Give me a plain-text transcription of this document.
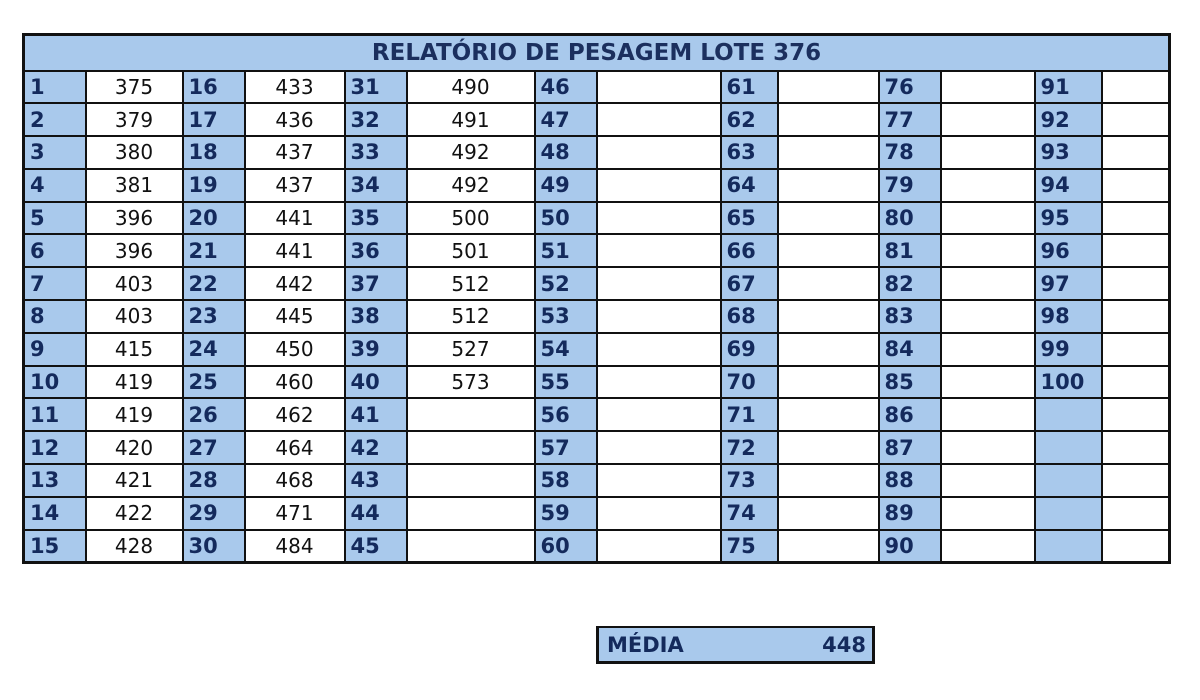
RELATÓRIO DE PESAGEM LOTE 376													
1	375	16	433	31	490	46		61		76		91	
2	379	17	436	32	491	47		62		77		92	
3	380	18	437	33	492	48		63		78		93	
4	381	19	437	34	492	49		64		79		94	
5	396	20	441	35	500	50		65		80		95	
6	396	21	441	36	501	51		66		81		96	
7	403	22	442	37	512	52		67		82		97	
8	403	23	445	38	512	53		68		83		98	
9	415	24	450	39	527	54		69		84		99	
10	419	25	460	40	573	55		70		85		100	
11	419	26	462	41		56		71		86			
12	420	27	464	42		57		72		87			
13	421	28	468	43		58		73		88			
14	422	29	471	44		59		74		89			
15	428	30	484	45		60		75		90			
MÉDIA	448
